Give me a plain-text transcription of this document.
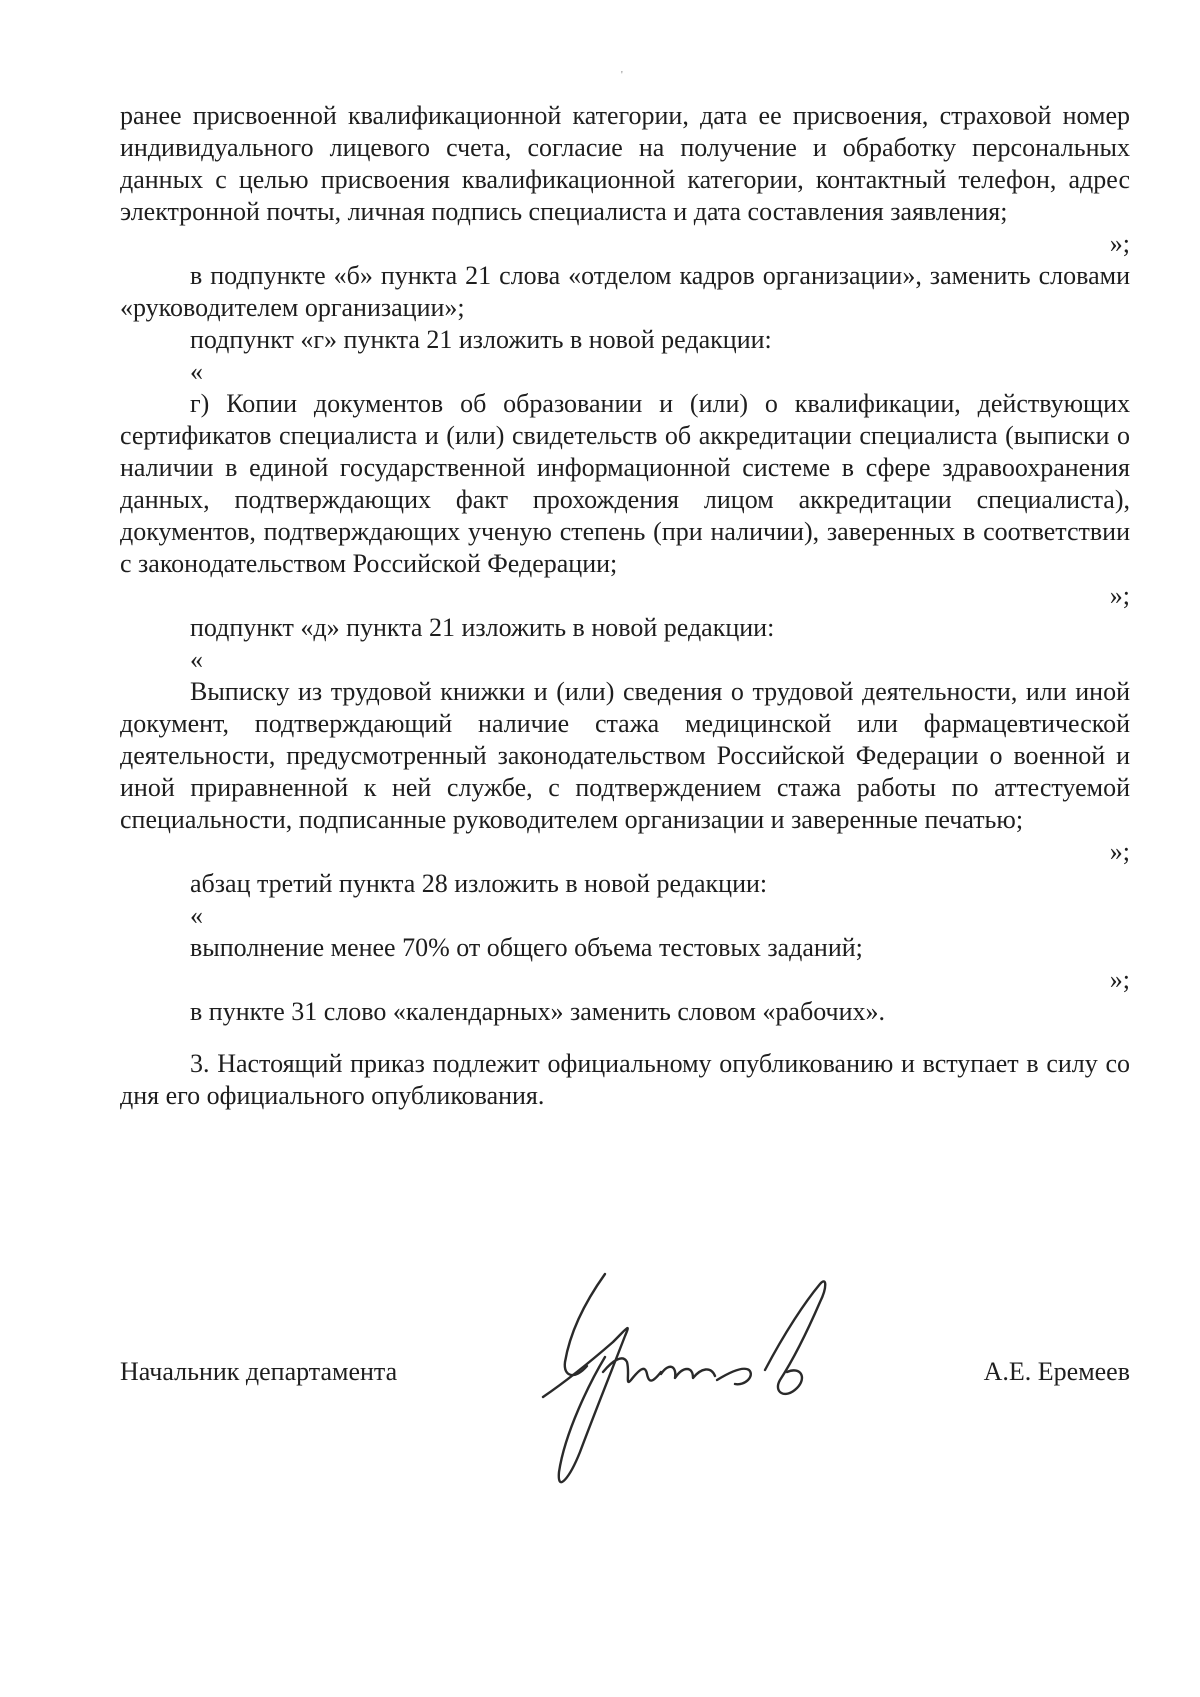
'

ранее присвоенной квалификационной категории, дата ее присвоения, страховой номер индивидуального лицевого счета, согласие на получение и обработку персональных данных с целью присвоения квалификационной категории, контактный телефон, адрес электронной почты, личная подпись специалиста и дата составления заявления;

»;

в подпункте «б» пункта 21 слова «отделом кадров организации», заменить словами «руководителем организации»;

подпункт «г» пункта 21 изложить в новой редакции:

«

г) Копии документов об образовании и (или) о квалификации, действующих сертификатов специалиста и (или) свидетельств об аккредитации специалиста (выписки о наличии в единой государственной информационной системе в сфере здравоохранения данных, подтверждающих факт прохождения лицом аккредитации специалиста), документов, подтверждающих ученую степень (при наличии), заверенных в соответствии с законодательством Российской Федерации;

»;

подпункт «д» пункта 21 изложить в новой редакции:

«

Выписку из трудовой книжки и (или) сведения о трудовой деятельности, или иной документ, подтверждающий наличие стажа медицинской или фармацевтической деятельности, предусмотренный законодательством Российской Федерации о военной и иной приравненной к ней службе, с подтверждением стажа работы по аттестуемой специальности, подписанные руководителем организации и заверенные печатью;

»;

абзац третий пункта 28 изложить в новой редакции:

«

выполнение менее 70% от общего объема тестовых заданий;

»;

в пункте 31 слово «календарных» заменить словом «рабочих».

3. Настоящий приказ подлежит официальному опубликованию и вступает в силу со дня его официального опубликования.

Начальник департамента	А.Е. Еремеев
